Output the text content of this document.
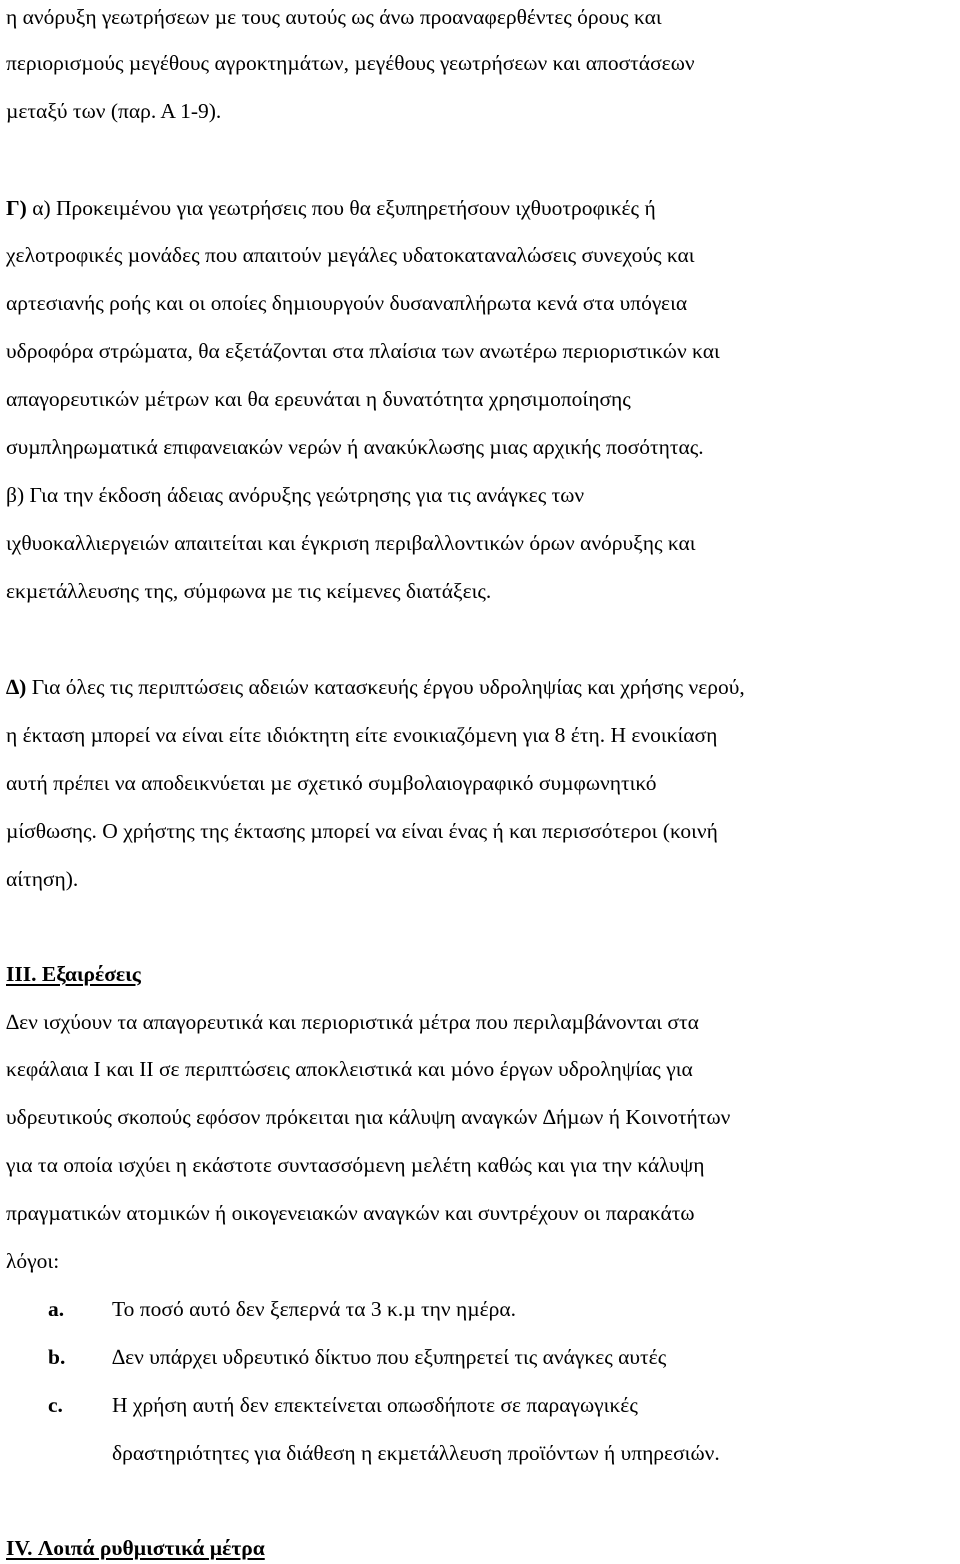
η ανόρυξη γεωτρήσεων µε τους αυτούς ως άνω προαναφερθέντες όρους και
περιορισµούς µεγέθους αγροκτηµάτων, µεγέθους γεωτρήσεων και αποστάσεων
µεταξύ των (παρ. Α 1-9).
Γ) α) Προκειµένου για γεωτρήσεις που θα εξυπηρετήσουν ιχθυοτροφικές ή
χελοτροφικές µονάδες που απαιτούν µεγάλες υδατοκαταναλώσεις συνεχούς και
αρτεσιανής ροής και οι οποίες δηµιουργούν δυσαναπλήρωτα κενά στα υπόγεια
υδροφόρα στρώµατα, θα εξετάζονται στα πλαίσια των ανωτέρω περιοριστικών και
απαγορευτικών µέτρων και θα ερευνάται η δυνατότητα χρησιµοποίησης
συµπληρωµατικά επιφανειακών νερών ή ανακύκλωσης µιας αρχικής ποσότητας.
β) Για την έκδοση άδειας ανόρυξης γεώτρησης για τις ανάγκες των
ιχθυοκαλλιεργειών απαιτείται και έγκριση περιβαλλοντικών όρων ανόρυξης και
εκµετάλλευσης της, σύµφωνα µε τις κείµενες διατάξεις.
∆) Για όλες τις περιπτώσεις αδειών κατασκευής έργου υδροληψίας και χρήσης νερού,
η έκταση µπορεί να είναι είτε ιδιόκτητη είτε ενοικιαζόµενη για 8 έτη. Η ενοικίαση
αυτή πρέπει να αποδεικνύεται µε σχετικό συµβολαιογραφικό συµφωνητικό
µίσθωσης. Ο χρήστης της έκτασης µπορεί να είναι ένας ή και περισσότεροι (κοινή
αίτηση).
ΙΙΙ. Εξαιρέσεις
∆εν ισχύουν τα απαγορευτικά και περιοριστικά µέτρα που περιλαµβάνονται στα
κεφάλαια Ι και ΙΙ σε περιπτώσεις αποκλειστικά και µόνο έργων υδροληψίας για
υδρευτικούς σκοπούς εφόσον πρόκειται ηια κάλυψη αναγκών ∆ήµων ή Κοινοτήτων
για τα οποία ισχύει η εκάστοτε συντασσόµενη µελέτη καθώς και για την κάλυψη
πραγµατικών ατοµικών ή οικογενειακών αναγκών και συντρέχουν οι παρακάτω
λόγοι:
a. Το ποσό αυτό δεν ξεπερνά τα 3 κ.µ την ηµέρα.
b. ∆εν υπάρχει υδρευτικό δίκτυο που εξυπηρετεί τις ανάγκες αυτές
c. Η χρήση αυτή δεν επεκτείνεται οπωσδήποτε σε παραγωγικές
δραστηριότητες για διάθεση η εκµετάλλευση προϊόντων ή υπηρεσιών.
IV. Λοιπά ρυθµιστικά µέτρα
